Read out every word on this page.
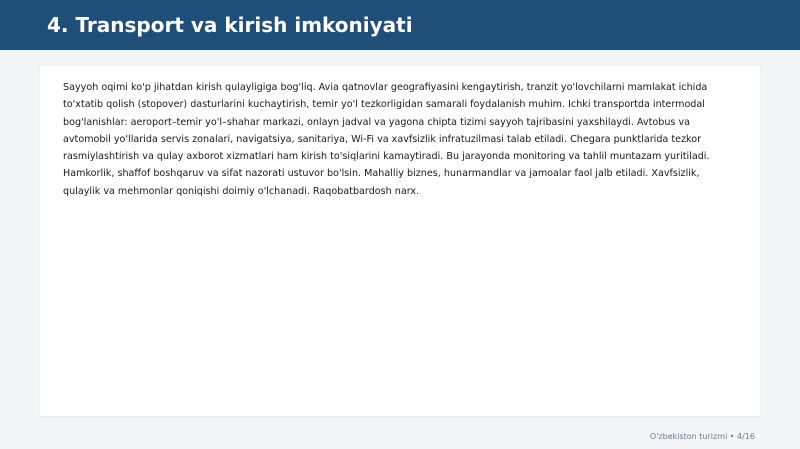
4. Transport va kirish imkoniyati

Sayyoh oqimi ko'p jihatdan kirish qulayligiga bog'liq. Avia qatnovlar geografiyasini kengaytirish, tranzit yo'lovchilarni mamlakat ichida to'xtatib qolish (stopover) dasturlarini kuchaytirish, temir yo'l tezkorligidan samarali foydalanish muhim. Ichki transportda intermodal bog'lanishlar: aeroport–temir yo'l–shahar markazi, onlayn jadval va yagona chipta tizimi sayyoh tajribasini yaxshilaydi. Avtobus va avtomobil yo'llarida servis zonalari, navigatsiya, sanitariya, Wi-Fi va xavfsizlik infratuzilmasi talab etiladi. Chegara punktlarida tezkor rasmiylashtirish va qulay axborot xizmatlari ham kirish to'siqlarini kamaytiradi. Bu jarayonda monitoring va tahlil muntazam yuritiladi. Hamkorlik, shaffof boshqaruv va sifat nazorati ustuvor bo'lsin. Mahalliy biznes, hunarmandlar va jamoalar faol jalb etiladi. Xavfsizlik, qulaylik va mehmonlar qoniqishi doimiy o'lchanadi. Raqobatbardosh narx.

O'zbekiston turizmi • 4/16
